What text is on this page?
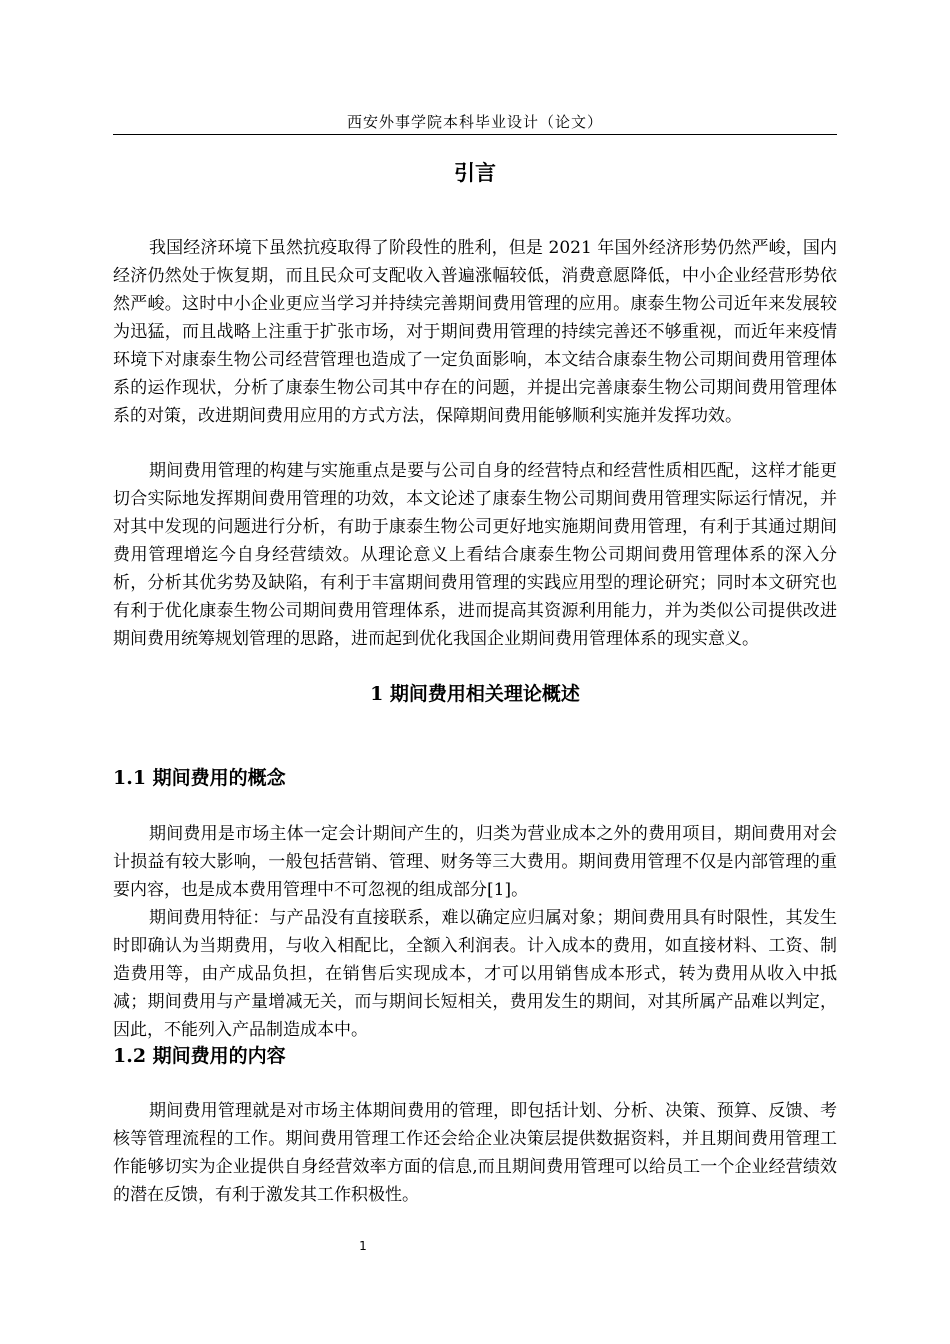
西安外事学院本科毕业设计（论文）
引言

我国经济环境下虽然抗疫取得了阶段性的胜利，但是 2021 年国外经济形势仍然严峻，国内经济仍然处于恢复期，而且民众可支配收入普遍涨幅较低，消费意愿降低，中小企业经营形势依然严峻。这时中小企业更应当学习并持续完善期间费用管理的应用。康泰生物公司近年来发展较为迅猛，而且战略上注重于扩张市场，对于期间费用管理的持续完善还不够重视，而近年来疫情环境下对康泰生物公司经营管理也造成了一定负面影响，本文结合康泰生物公司期间费用管理体系的运作现状，分析了康泰生物公司其中存在的问题，并提出完善康泰生物公司期间费用管理体系的对策，改进期间费用应用的方式方法，保障期间费用能够顺利实施并发挥功效。

期间费用管理的构建与实施重点是要与公司自身的经营特点和经营性质相匹配，这样才能更切合实际地发挥期间费用管理的功效，本文论述了康泰生物公司期间费用管理实际运行情况，并对其中发现的问题进行分析，有助于康泰生物公司更好地实施期间费用管理，有利于其通过期间费用管理增迄今自身经营绩效。从理论意义上看结合康泰生物公司期间费用管理体系的深入分析，分析其优劣势及缺陷，有利于丰富期间费用管理的实践应用型的理论研究；同时本文研究也有利于优化康泰生物公司期间费用管理体系，进而提高其资源利用能力，并为类似公司提供改进期间费用统筹规划管理的思路，进而起到优化我国企业期间费用管理体系的现实意义。

1 期间费用相关理论概述
1.1 期间费用的概念

期间费用是市场主体一定会计期间产生的，归类为营业成本之外的费用项目，期间费用对会计损益有较大影响，一般包括营销、管理、财务等三大费用。期间费用管理不仅是内部管理的重要内容，也是成本费用管理中不可忽视的组成部分[1]。

期间费用特征：与产品没有直接联系，难以确定应归属对象；期间费用具有时限性，其发生时即确认为当期费用，与收入相配比，全额入利润表。计入成本的费用，如直接材料、工资、制造费用等，由产成品负担，在销售后实现成本，才可以用销售成本形式，转为费用从收入中抵减；期间费用与产量增减无关，而与期间长短相关，费用发生的期间，对其所属产品难以判定，因此，不能列入产品制造成本中。

1.2 期间费用的内容

期间费用管理就是对市场主体期间费用的管理，即包括计划、分析、决策、预算、反馈、考核等管理流程的工作。期间费用管理工作还会给企业决策层提供数据资料，并且期间费用管理工作能够切实为企业提供自身经营效率方面的信息,而且期间费用管理可以给员工一个企业经营绩效的潜在反馈，有利于激发其工作积极性。

1
